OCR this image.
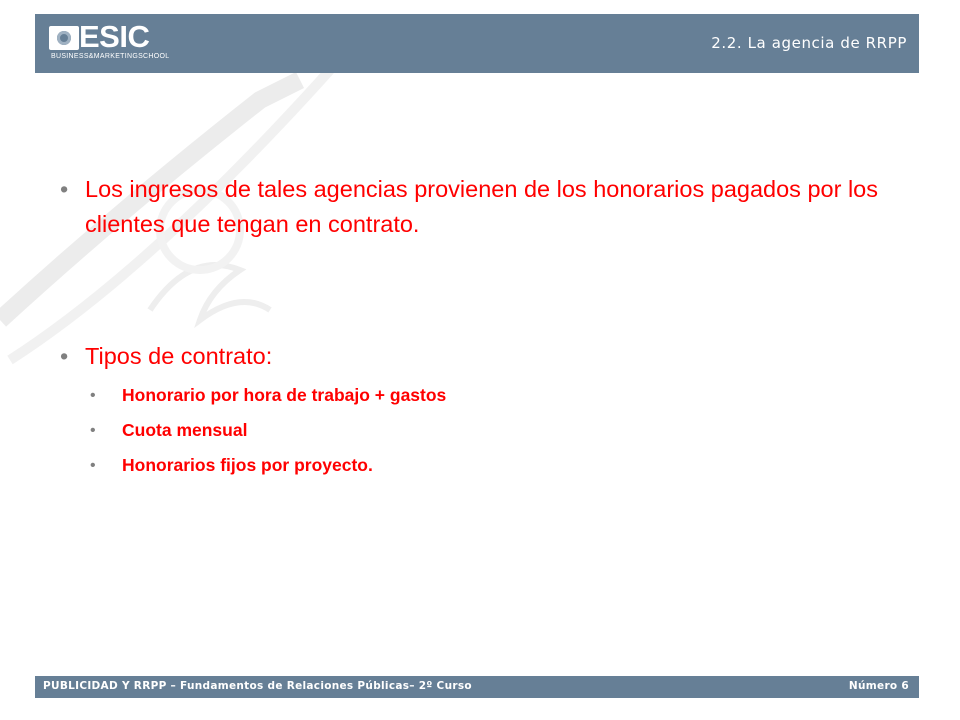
ESIC
BUSINESS&MARKETINGSCHOOL
2.2. La agencia de RRPP
• Los ingresos de tales agencias provienen de los honorarios pagados por los clientes que tengan en contrato.
• Tipos de contrato:
• Honorario por hora de trabajo + gastos
• Cuota mensual
• Honorarios fijos por proyecto.
PUBLICIDAD Y RRPP – Fundamentos de Relaciones Públicas– 2º Curso	Número 6
